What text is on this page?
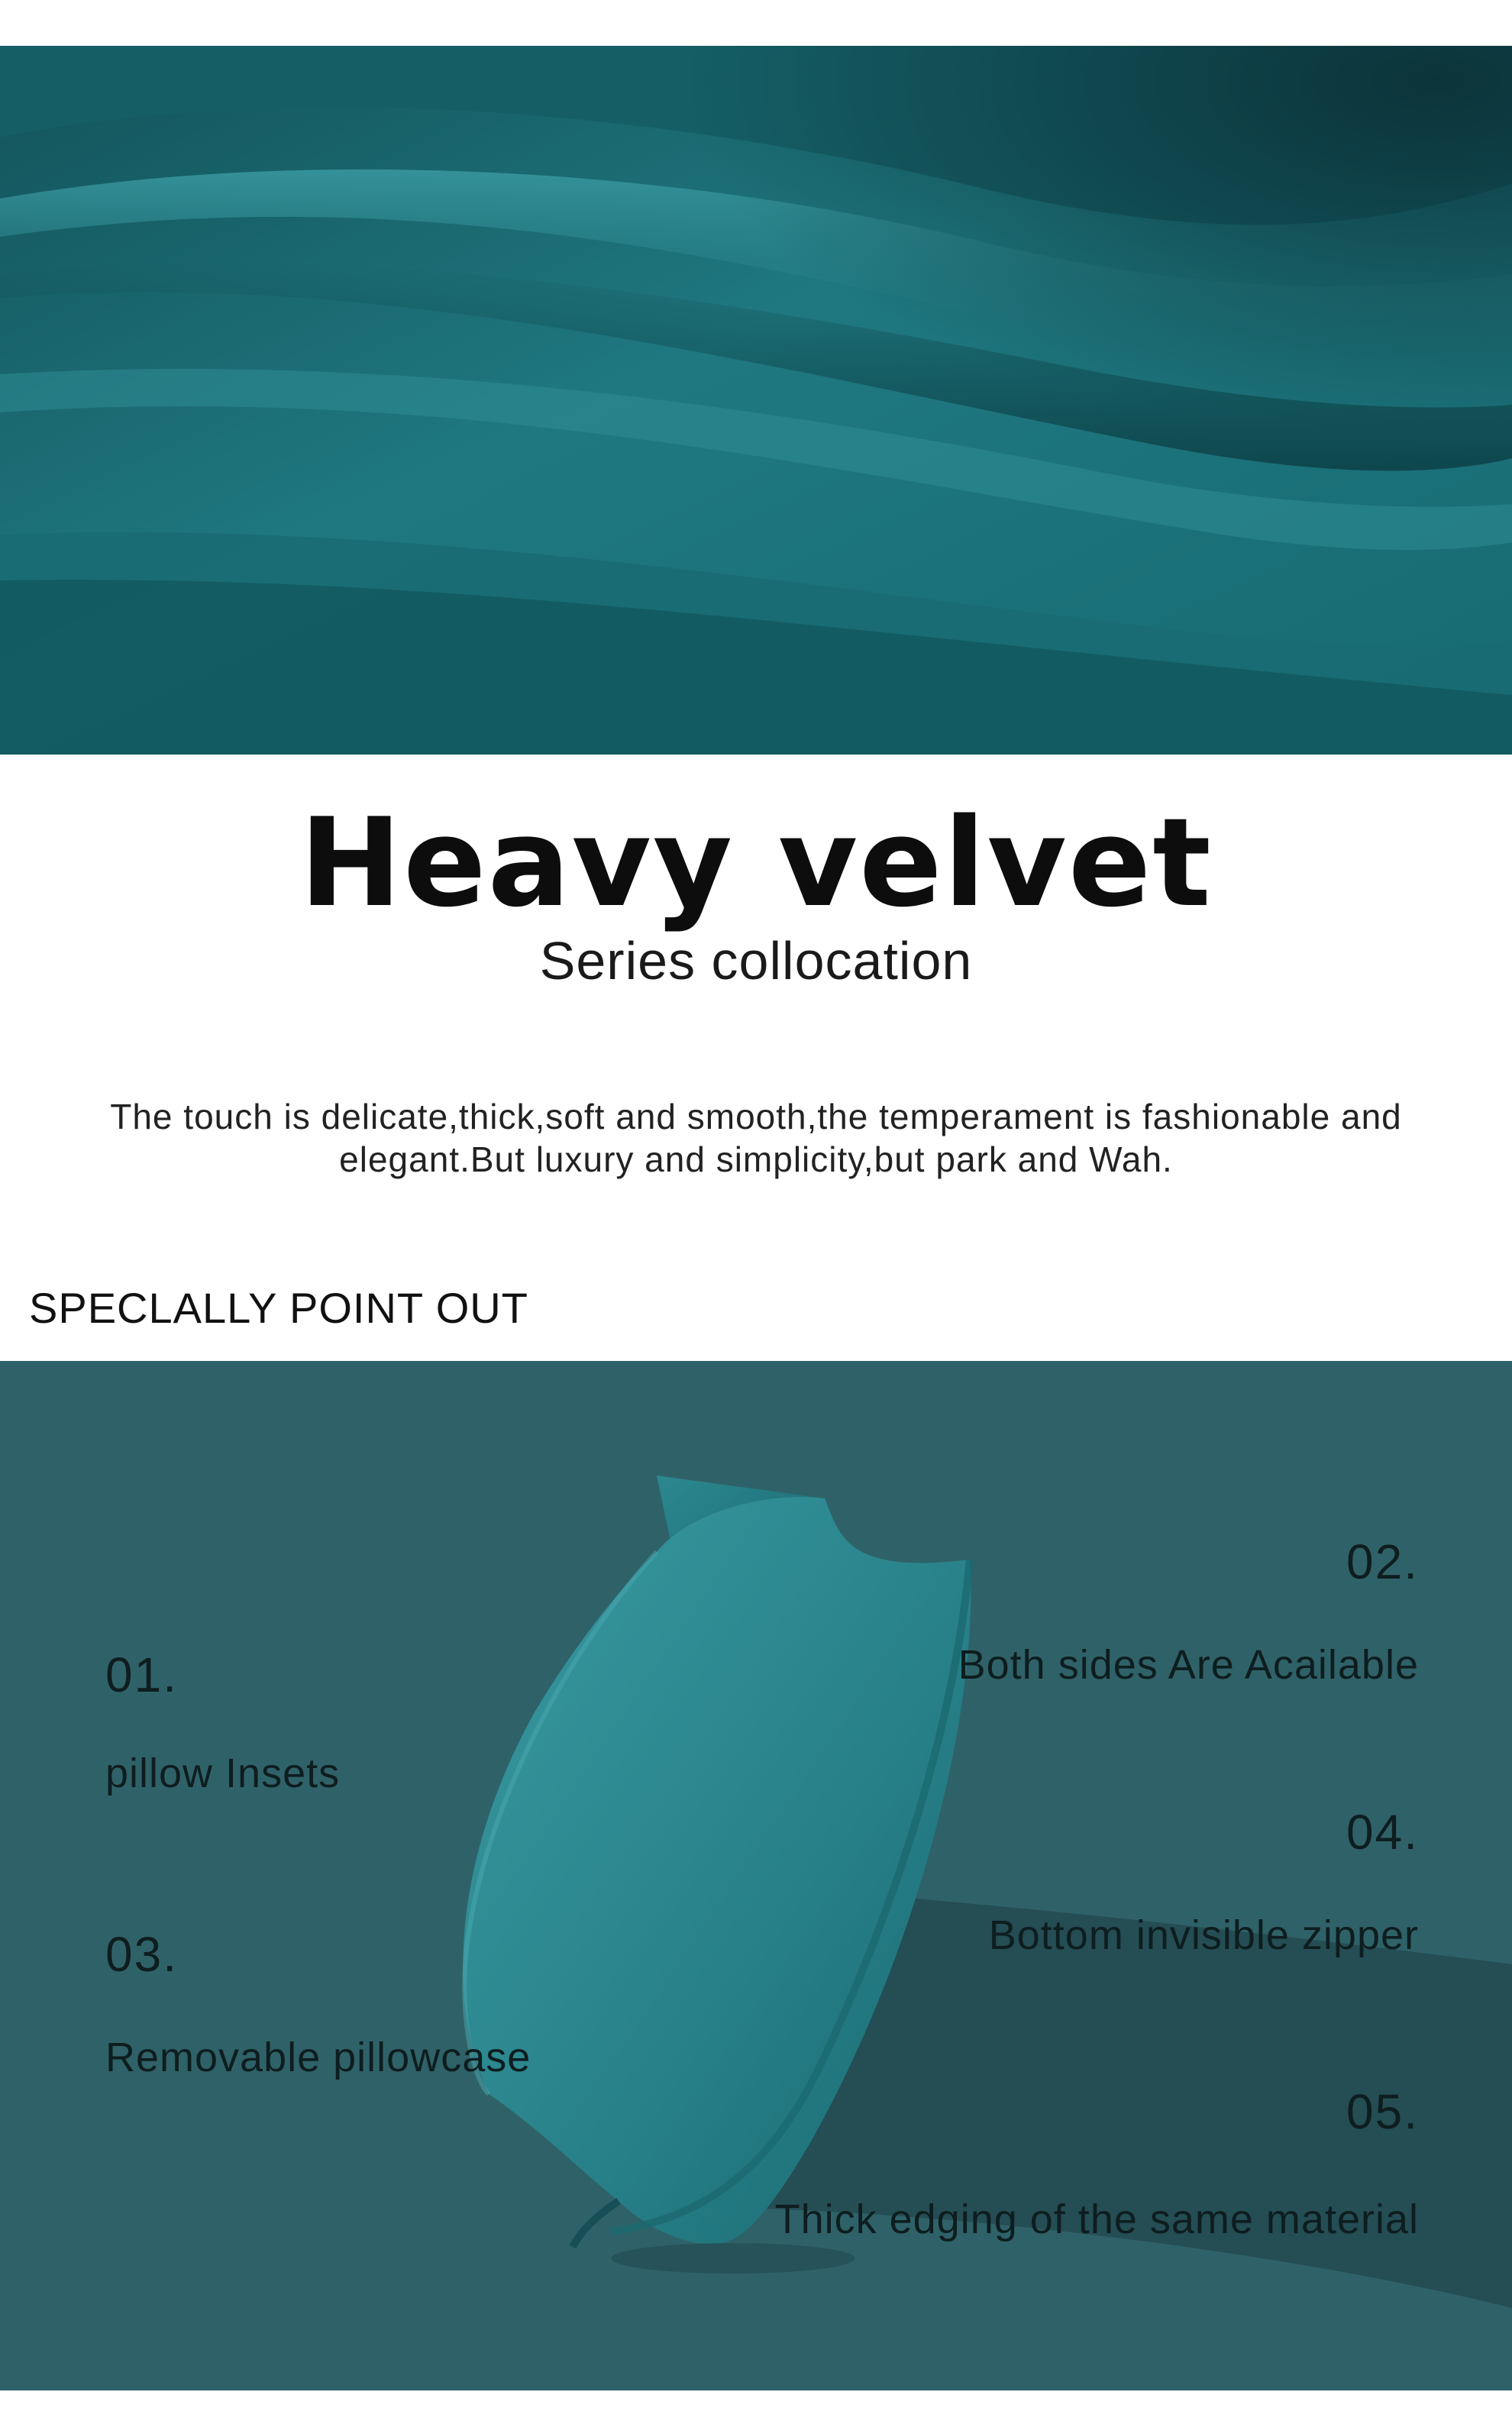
Heavy velvet
Series collocation

The touch is delicate,thick,soft and smooth,the temperament is fashionable and elegant.But luxury and simplicity,but park and Wah.

SPECLALLY POINT OUT
01.
pillow Insets
02.
Both sides Are Acailable
03.
Removable pillowcase
04.
Bottom invisible zipper
05.
Thick edging of the same material
